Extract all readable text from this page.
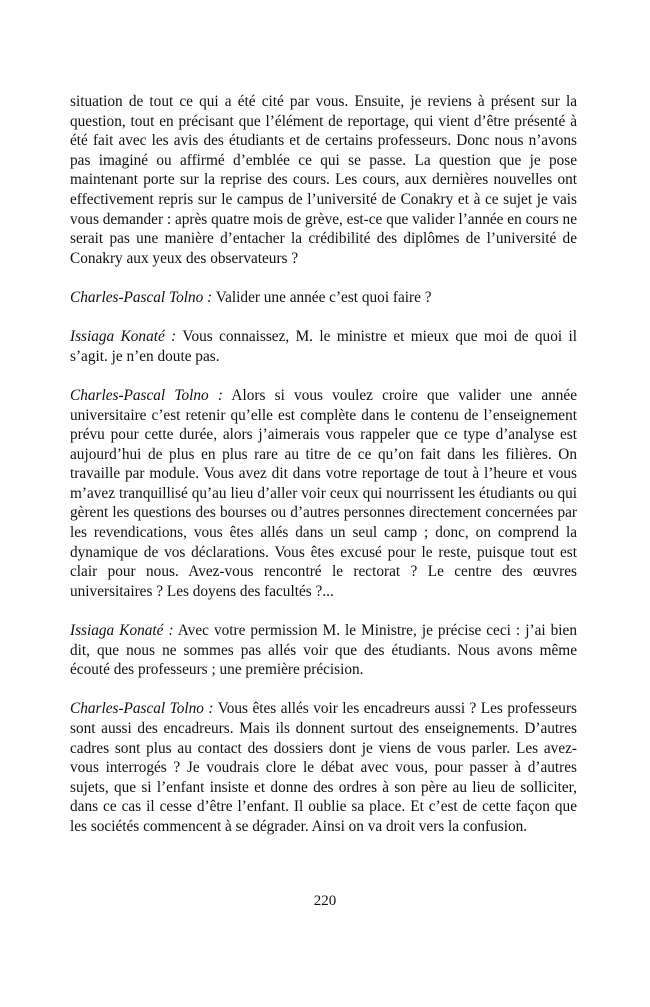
situation de tout ce qui a été cité par vous. Ensuite, je reviens à présent sur la question, tout en précisant que l’élément de reportage, qui vient d’être présenté à été fait avec les avis des étudiants et de certains professeurs. Donc nous n’avons pas imaginé ou affirmé d’emblée ce qui se passe. La question que je pose maintenant porte sur la reprise des cours. Les cours, aux dernières nouvelles ont effectivement repris sur le campus de l’université de Conakry et à ce sujet je vais vous demander : après quatre mois de grève, est-ce que valider l’année en cours ne serait pas une manière d’entacher la crédibilité des diplômes de l’université de Conakry aux yeux des observateurs ?

Charles-Pascal Tolno : Valider une année c’est quoi faire ?

Issiaga Konaté : Vous connaissez, M. le ministre et mieux que moi de quoi il s’agit. je n’en doute pas.

Charles-Pascal Tolno : Alors si vous voulez croire que valider une année universitaire c’est retenir qu’elle est complète dans le contenu de l’enseignement prévu pour cette durée, alors j’aimerais vous rappeler que ce type d’analyse est aujourd’hui de plus en plus rare au titre de ce qu’on fait dans les filières. On travaille par module. Vous avez dit dans votre reportage de tout à l’heure et vous m’avez tranquillisé qu’au lieu d’aller voir ceux qui nourrissent les étudiants ou qui gèrent les questions des bourses ou d’autres personnes directement concernées par les revendications, vous êtes allés dans un seul camp ; donc, on comprend la dynamique de vos déclarations. Vous êtes excusé pour le reste, puisque tout est clair pour nous. Avez-vous rencontré le rectorat ? Le centre des œuvres universitaires ? Les doyens des facultés ?...

Issiaga Konaté : Avec votre permission M. le Ministre, je précise ceci : j’ai bien dit, que nous ne sommes pas allés voir que des étudiants. Nous avons même écouté des professeurs ; une première précision.

Charles-Pascal Tolno : Vous êtes allés voir les encadreurs aussi ? Les professeurs sont aussi des encadreurs. Mais ils donnent surtout des enseignements. D’autres cadres sont plus au contact des dossiers dont je viens de vous parler. Les avez-vous interrogés ? Je voudrais clore le débat avec vous, pour passer à d’autres sujets, que si l’enfant insiste et donne des ordres à son père au lieu de solliciter, dans ce cas il cesse d’être l’enfant. Il oublie sa place. Et c’est de cette façon que les sociétés commencent à se dégrader. Ainsi on va droit vers la confusion.

220
